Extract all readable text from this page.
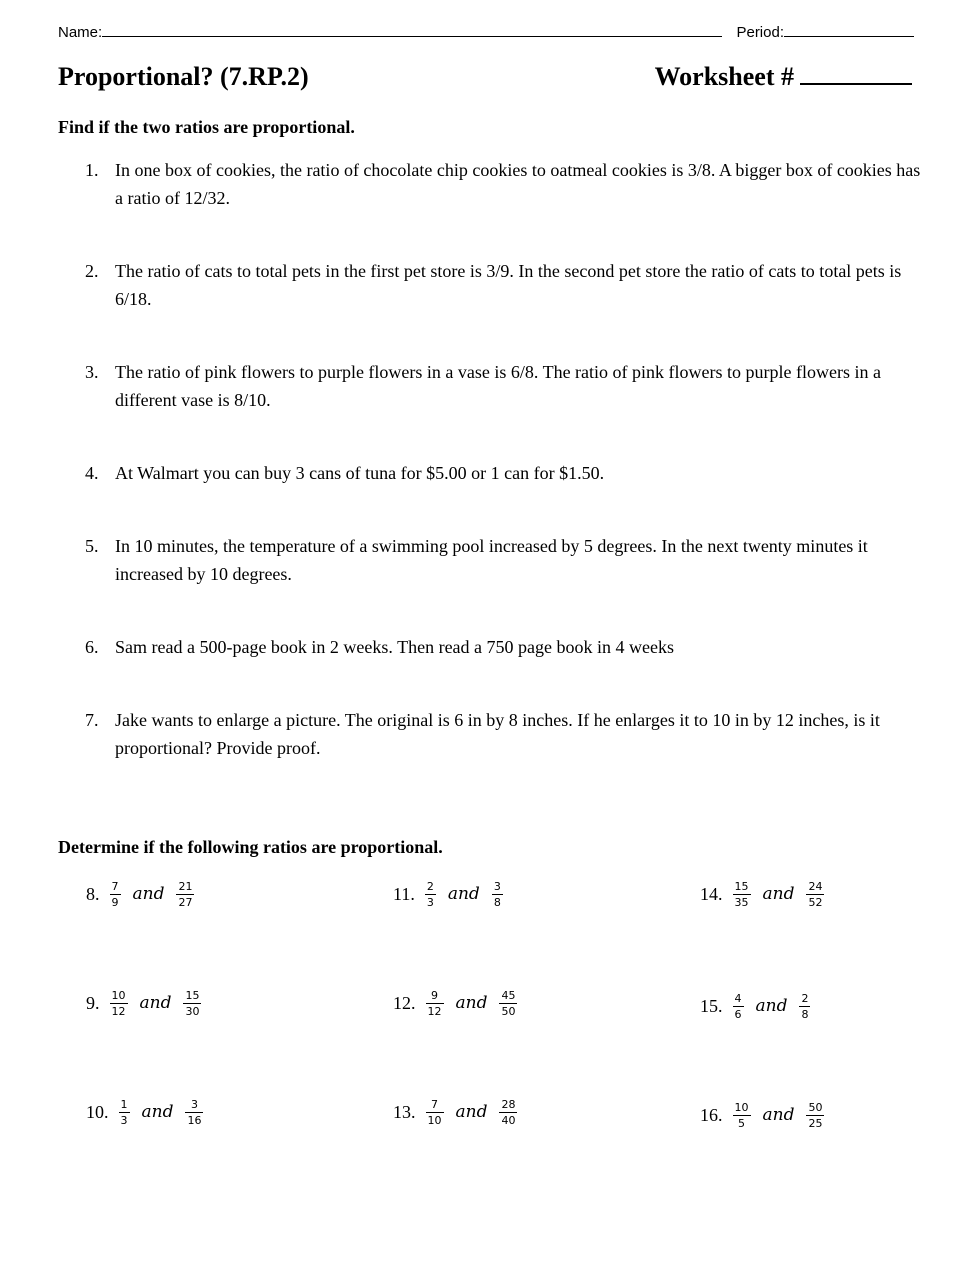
Name:	Period:
Proportional? (7.RP.2)	Worksheet #
Find if the two ratios are proportional.
1. In one box of cookies, the ratio of chocolate chip cookies to oatmeal cookies is 3/8. A bigger box of cookies has a ratio of 12/32.
2. The ratio of cats to total pets in the first pet store is 3/9. In the second pet store the ratio of cats to total pets is 6/18.
3. The ratio of pink flowers to purple flowers in a vase is 6/8. The ratio of pink flowers to purple flowers in a different vase is 8/10.
4. At Walmart you can buy 3 cans of tuna for $5.00 or 1 can for $1.50.
5. In 10 minutes, the temperature of a swimming pool increased by 5 degrees. In the next twenty minutes it increased by 10 degrees.
6. Sam read a 500-page book in 2 weeks. Then read a 750 page book in 4 weeks
7. Jake wants to enlarge a picture. The original is 6 in by 8 inches. If he enlarges it to 10 in by 12 inches, is it proportional? Provide proof.
Determine if the following ratios are proportional.
8. $\frac{7}{9}$ and $\frac{21}{27}$
9. $\frac{10}{12}$ and $\frac{15}{30}$
10. $\frac{1}{3}$ and $\frac{3}{16}$
11. $\frac{2}{3}$ and $\frac{3}{8}$
12. $\frac{9}{12}$ and $\frac{45}{50}$
13. $\frac{7}{10}$ and $\frac{28}{40}$
14. $\frac{15}{35}$ and $\frac{24}{52}$
15. $\frac{4}{6}$ and $\frac{2}{8}$
16. $\frac{10}{5}$ and $\frac{50}{25}$
